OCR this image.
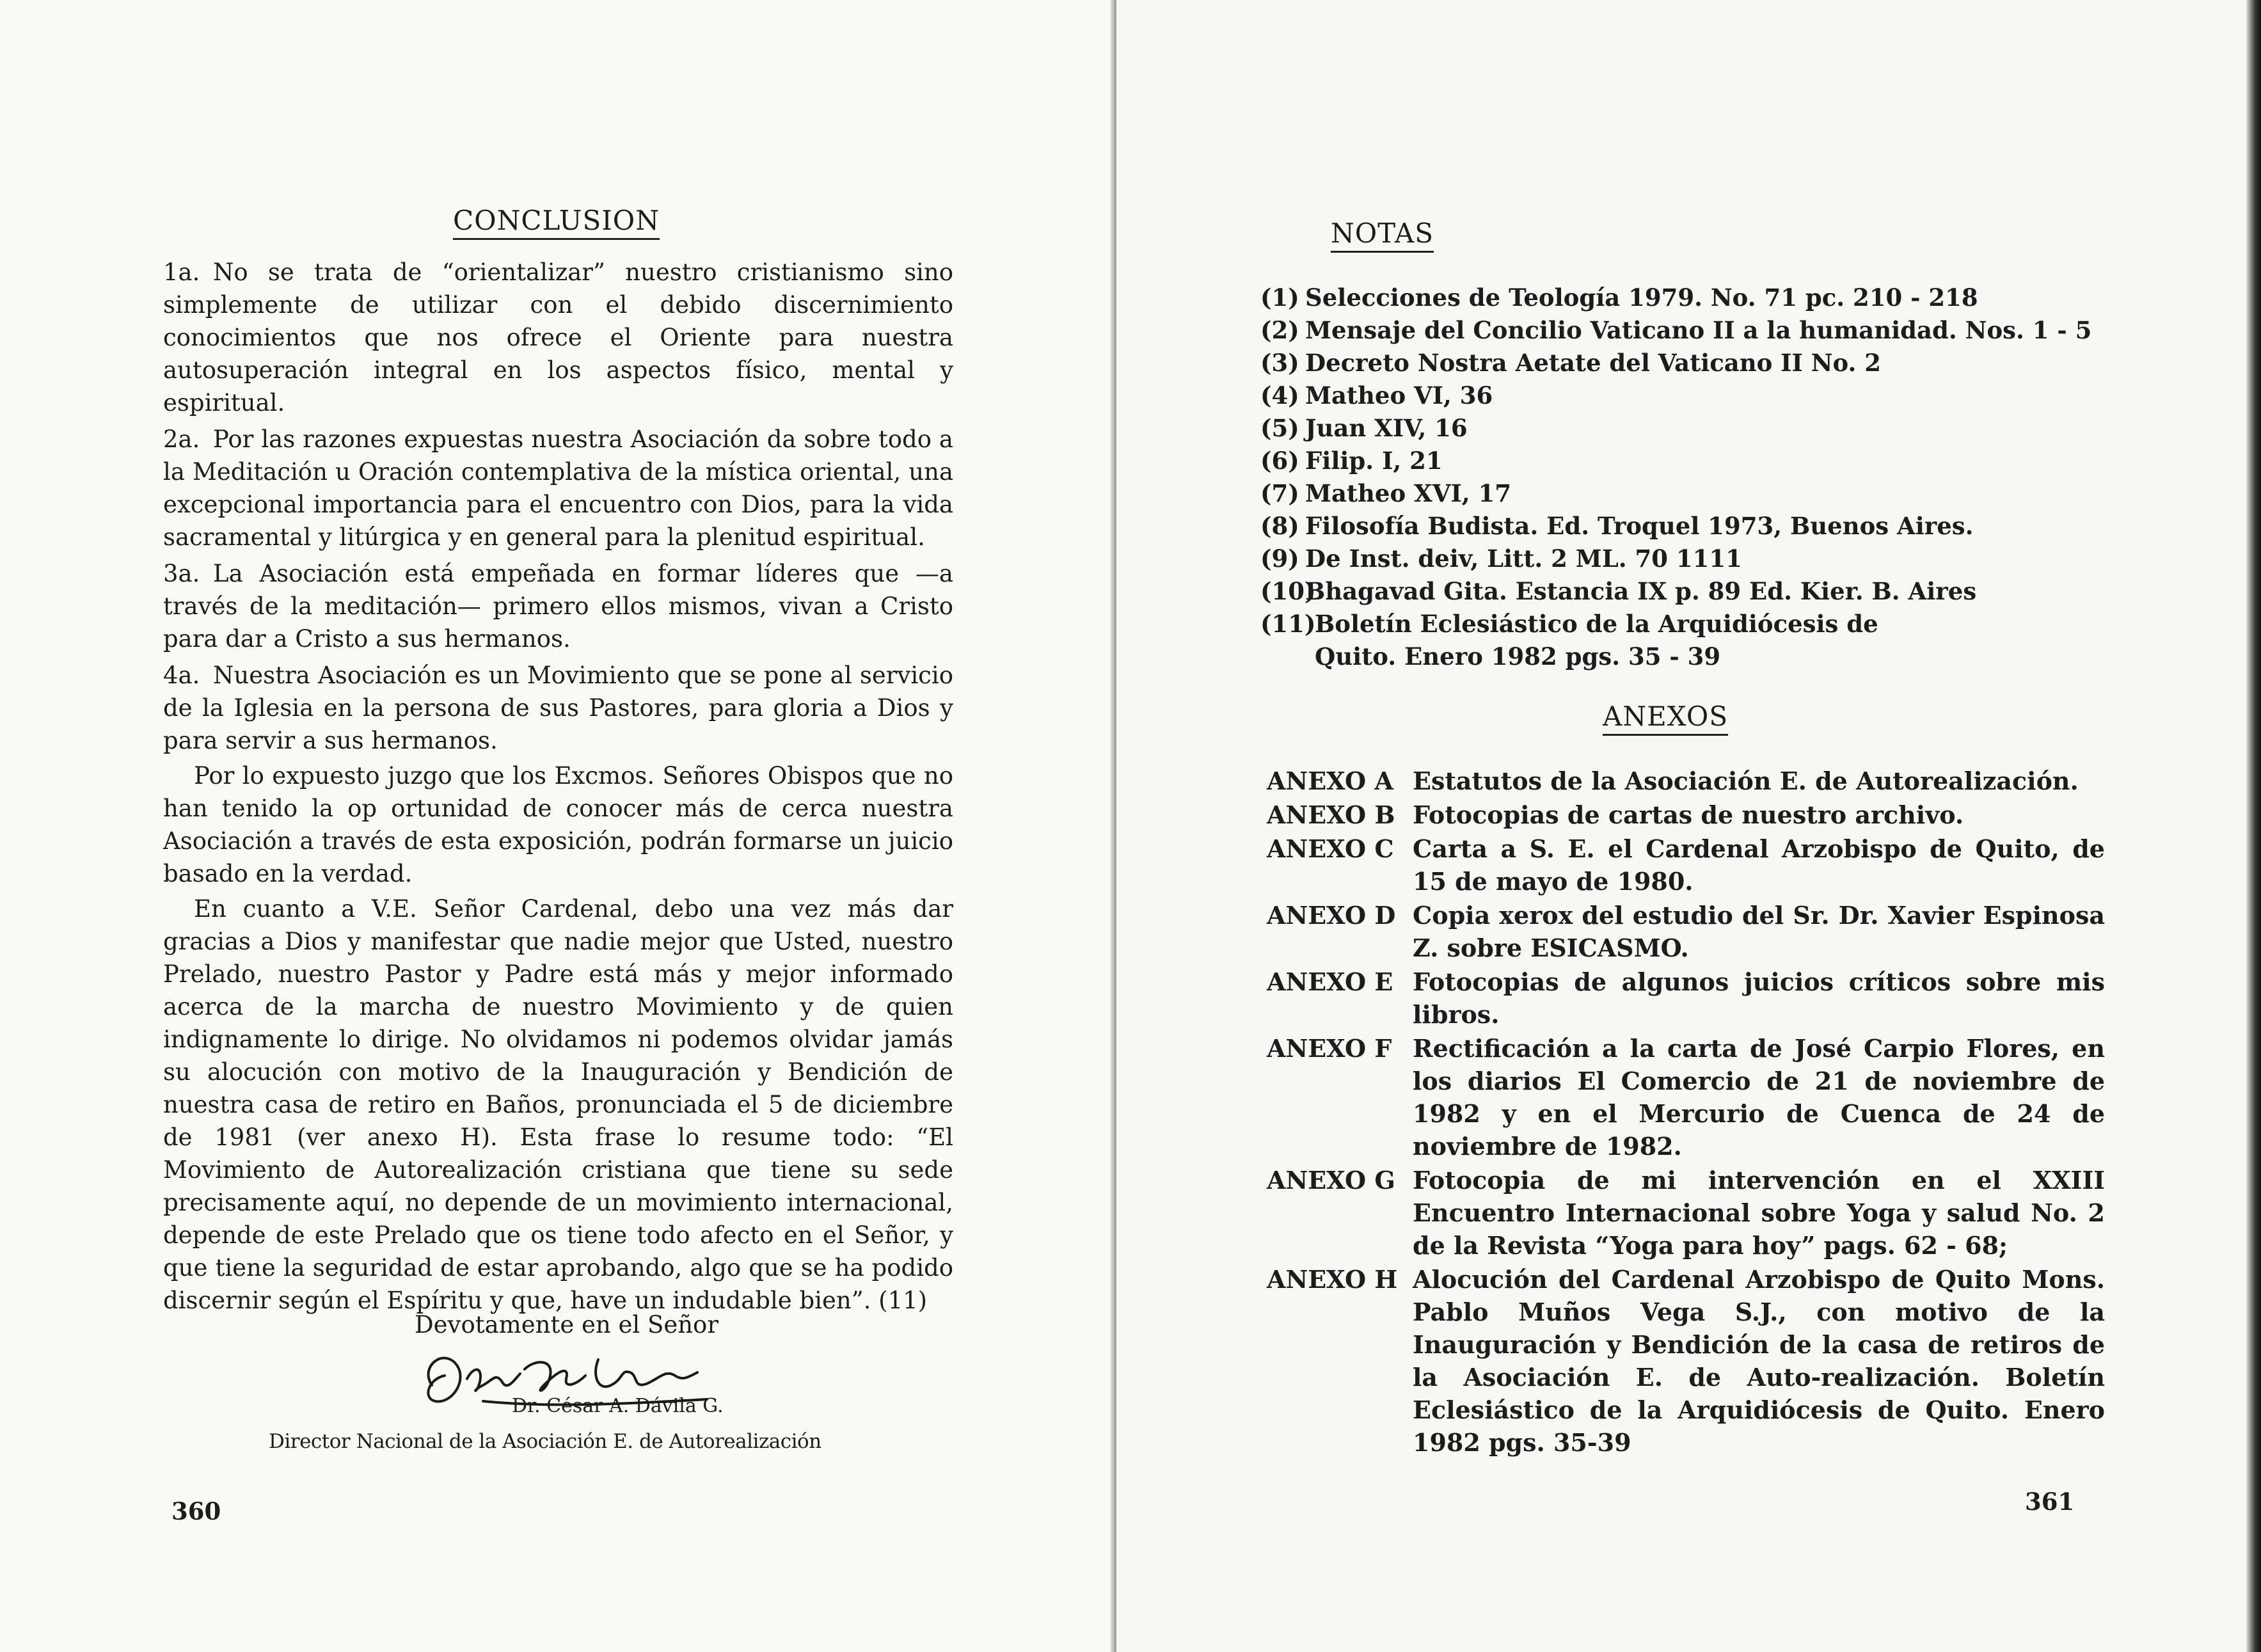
CONCLUSION
1a. No se trata de “orientalizar” nuestro cristianismo sino simplemente de utilizar con el debido discernimiento conocimientos que nos ofrece el Oriente para nuestra autosuperación integral en los aspectos físico, mental y espiritual.
2a. Por las razones expuestas nuestra Asociación da sobre todo a la Meditación u Oración contemplativa de la mística oriental, una excepcional importancia para el encuentro con Dios, para la vida sacramental y litúrgica y en general para la plenitud espiritual.
3a. La Asociación está empeñada en formar líderes que —a través de la meditación— primero ellos mismos, vivan a Cristo para dar a Cristo a sus hermanos.
4a. Nuestra Asociación es un Movimiento que se pone al servicio de la Iglesia en la persona de sus Pastores, para gloria a Dios y para servir a sus hermanos.

Por lo expuesto juzgo que los Excmos. Señores Obispos que no han tenido la op ortunidad de conocer más de cerca nuestra Asociación a través de esta exposición, podrán formarse un juicio basado en la verdad.

En cuanto a V.E. Señor Cardenal, debo una vez más dar gracias a Dios y manifestar que nadie mejor que Usted, nuestro Prelado, nuestro Pastor y Padre está más y mejor informado acerca de la marcha de nuestro Movimiento y de quien indignamente lo dirige. No olvidamos ni podemos olvidar jamás su alocución con motivo de la Inauguración y Bendición de nuestra casa de retiro en Baños, pronunciada el 5 de diciembre de 1981 (ver anexo H). Esta frase lo resume todo: “El Movimiento de Autorealización cristiana que tiene su sede precisamente aquí, no depende de un movimiento internacional, depende de este Prelado que os tiene todo afecto en el Señor, y que tiene la seguridad de estar aprobando, algo que se ha podido discernir según el Espíritu y que, have un indudable bien”. (11)

Devotamente en el Señor
Dr. César A. Dávila G.
Director Nacional de la Asociación E. de Autorealización
360
NOTAS
(1) Selecciones de Teología 1979. No. 71 pc. 210 - 218
(2) Mensaje del Concilio Vaticano II a la humanidad. Nos. 1 - 5
(3) Decreto Nostra Aetate del Vaticano II No. 2
(4) Matheo VI, 36
(5) Juan XIV, 16
(6) Filip. I, 21
(7) Matheo XVI, 17
(8) Filosofía Budista. Ed. Troquel 1973, Buenos Aires.
(9) De Inst. deiv, Litt. 2 ML. 70 1111
(10)Bhagavad Gita. Estancia IX p. 89 Ed. Kier. B. Aires
(11)Boletín Eclesiástico de la Arquidiócesis de Quito. Enero 1982 pgs. 35 - 39
ANEXOS
ANEXO A Estatutos de la Asociación E. de Autorealización.
ANEXO B Fotocopias de cartas de nuestro archivo.
ANEXO C Carta a S. E. el Cardenal Arzobispo de Quito, de 15 de mayo de 1980.
ANEXO D Copia xerox del estudio del Sr. Dr. Xavier Espinosa Z. sobre ESICASMO.
ANEXO E Fotocopias de algunos juicios críticos sobre mis libros.
ANEXO F Rectificación a la carta de José Carpio Flores, en los diarios El Comercio de 21 de noviembre de 1982 y en el Mercurio de Cuenca de 24 de noviembre de 1982.
ANEXO G Fotocopia de mi intervención en el XXIII Encuentro Internacional sobre Yoga y salud No. 2 de la Revista “Yoga para hoy” pags. 62 - 68;
ANEXO H Alocución del Cardenal Arzobispo de Quito Mons. Pablo Muños Vega S.J., con motivo de la Inauguración y Bendición de la casa de retiros de la Asociación E. de Auto-realización. Boletín Eclesiástico de la Arquidiócesis de Quito. Enero 1982 pgs. 35-39
361
